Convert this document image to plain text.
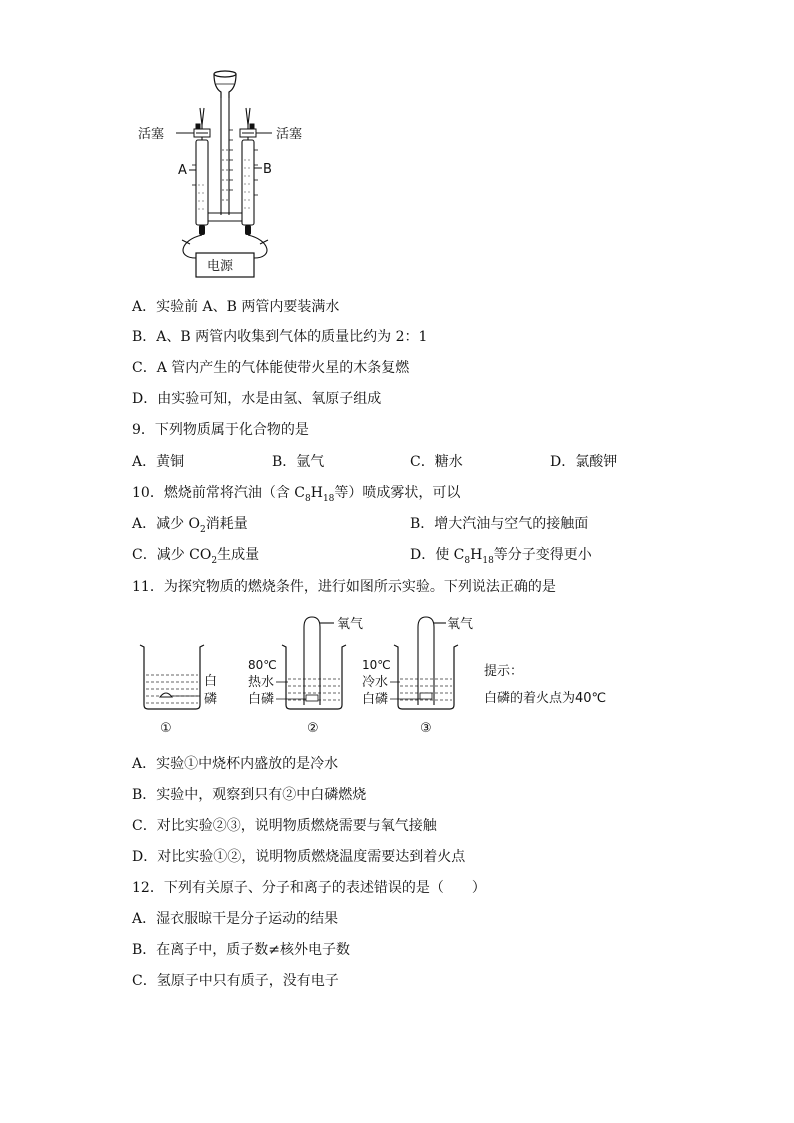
活塞	活塞
A	B
电源
A．实验前 A、B 两管内要装满水
B．A、B 两管内收集到气体的质量比约为 2：1
C．A 管内产生的气体能使带火星的木条复燃
D．由实验可知，水是由氢、氧原子组成
9．下列物质属于化合物的是
A．黄铜	B．氩气	C．糖水	D．氯酸钾
10．燃烧前常将汽油（含 $C_8H_{18}$等）喷成雾状，可以
A．减少 $O_2$消耗量	B．增大汽油与空气的接触面
C．减少 $CO_2$生成量	D．使 $C_8H_{18}$等分子变得更小
11．为探究物质的燃烧条件，进行如图所示实验。下列说法正确的是
白
磷
①
氧气
80℃
热水
白磷
②
氧气
10℃
冷水
白磷
③
提示：
白磷的着火点为40℃
A．实验①中烧杯内盛放的是冷水
B．实验中，观察到只有②中白磷燃烧
C．对比实验②③，说明物质燃烧需要与氧气接触
D．对比实验①②，说明物质燃烧温度需要达到着火点
12．下列有关原子、分子和离子的表述错误的是（　　）
A．湿衣服晾干是分子运动的结果
B．在离子中，质子数≠核外电子数
C．氢原子中只有质子，没有电子
